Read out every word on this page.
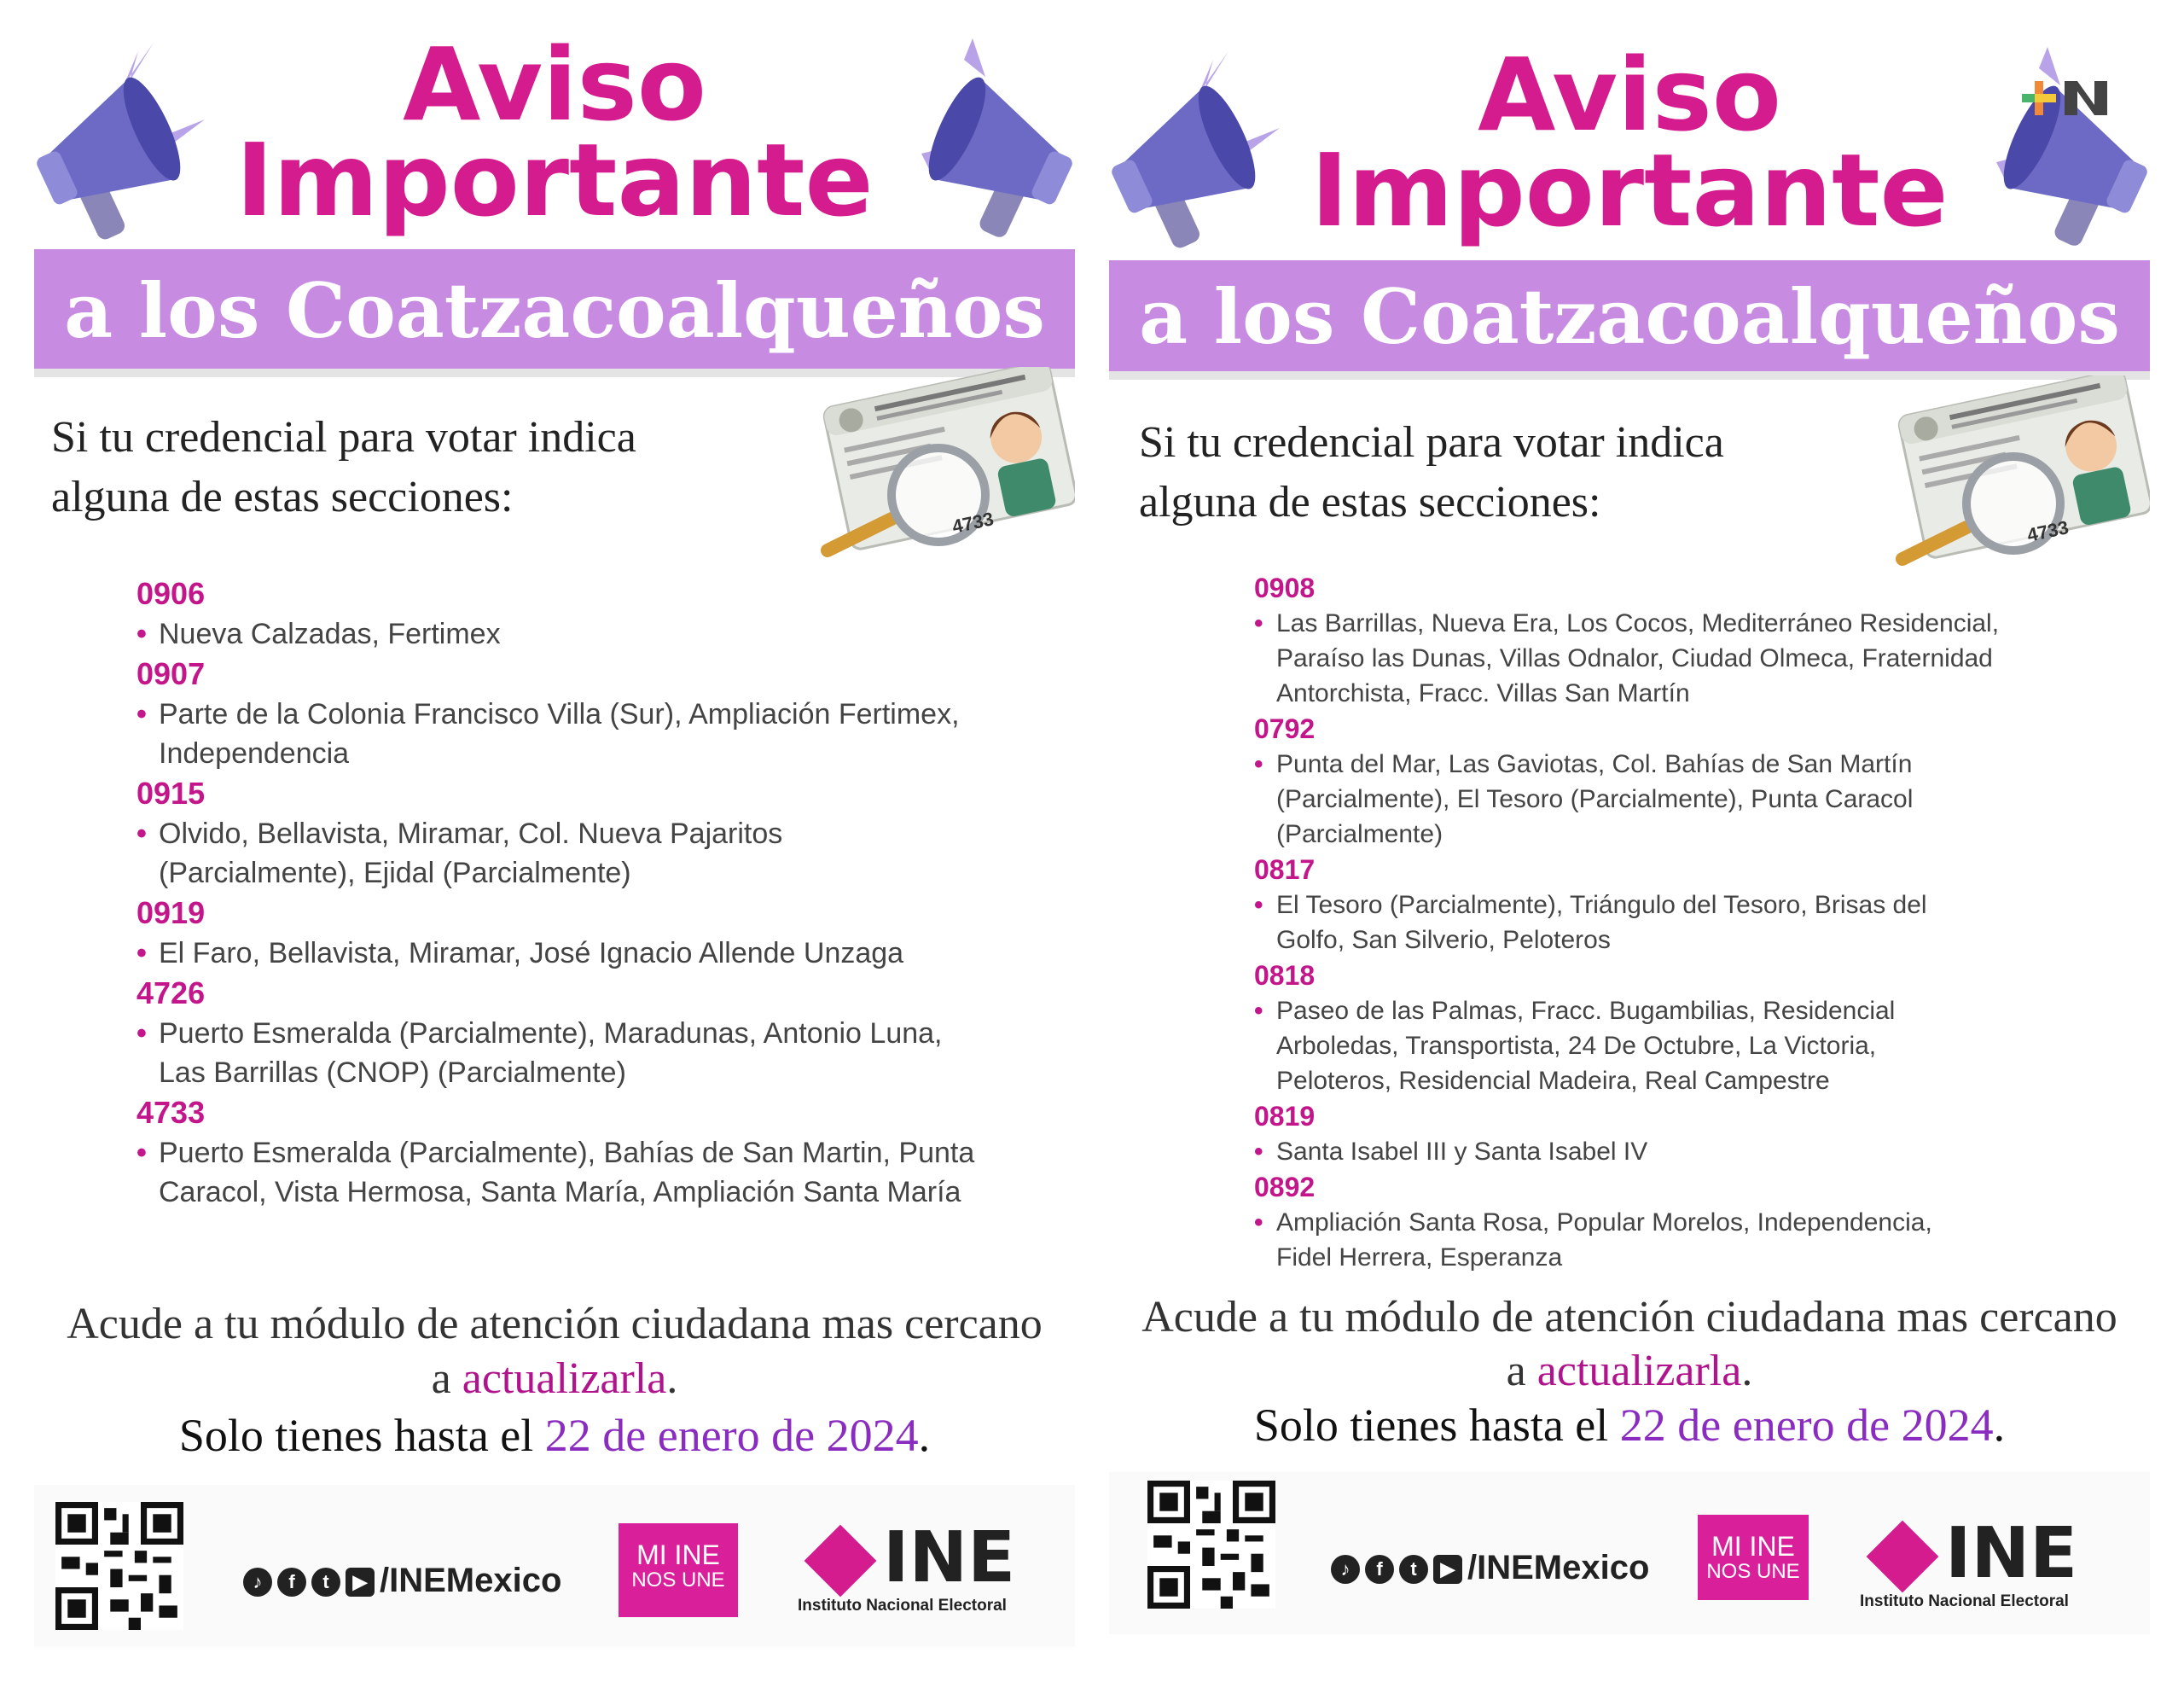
Aviso
Importante
a los Coatzacoalqueños
Si tu credencial para votar indica
alguna de estas secciones:
4733
0906
• Nueva Calzadas, Fertimex
0907
• Parte de la Colonia Francisco Villa (Sur), Ampliación Fertimex,
Independencia
0915
• Olvido, Bellavista, Miramar, Col. Nueva Pajaritos
(Parcialmente), Ejidal (Parcialmente)
0919
• El Faro, Bellavista, Miramar, José Ignacio Allende Unzaga
4726
• Puerto Esmeralda (Parcialmente), Maradunas, Antonio Luna,
Las Barrillas (CNOP) (Parcialmente)
4733
• Puerto Esmeralda (Parcialmente), Bahías de San Martin, Punta
Caracol, Vista Hermosa, Santa María, Ampliación Santa María
Acude a tu módulo de atención ciudadana mas cercano
a actualizarla.
Solo tienes hasta el 22 de enero de 2024.
♪ f t ▶ /INEMexico
MI INE
NOS UNE INE
Instituto Nacional Electoral
Aviso
Importante
a los Coatzacoalqueños
Si tu credencial para votar indica
alguna de estas secciones:
4733
0908
• Las Barrillas, Nueva Era, Los Cocos, Mediterráneo Residencial,
Paraíso las Dunas, Villas Odnalor, Ciudad Olmeca, Fraternidad
Antorchista, Fracc. Villas San Martín
0792
• Punta del Mar, Las Gaviotas, Col. Bahías de San Martín
(Parcialmente), El Tesoro (Parcialmente), Punta Caracol
(Parcialmente)
0817
• El Tesoro (Parcialmente), Triángulo del Tesoro, Brisas del
Golfo, San Silverio, Peloteros
0818
• Paseo de las Palmas, Fracc. Bugambilias, Residencial
Arboledas, Transportista, 24 De Octubre, La Victoria,
Peloteros, Residencial Madeira, Real Campestre
0819
• Santa Isabel III y Santa Isabel IV
0892
• Ampliación Santa Rosa, Popular Morelos, Independencia,
Fidel Herrera, Esperanza
Acude a tu módulo de atención ciudadana mas cercano
a actualizarla.
Solo tienes hasta el 22 de enero de 2024.
♪ f t ▶ /INEMexico
MI INE
NOS UNE INE
Instituto Nacional Electoral
